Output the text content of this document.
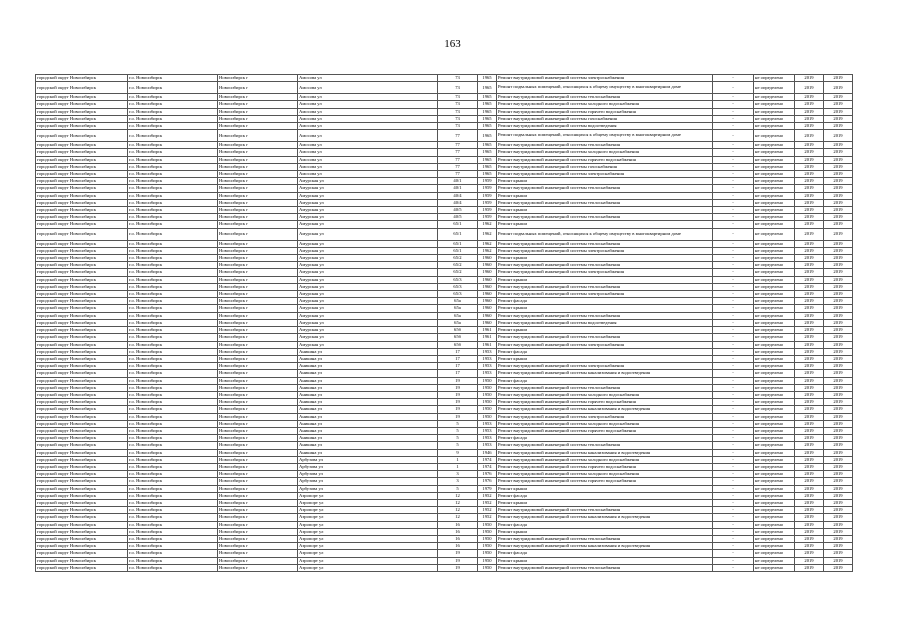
163
городской округ Новосибирск	г.о. Новосибирск	Новосибирск г	Амосова ул	73	1965	Ремонт внутридомовой инженерной системы электроснабжения	-	не определено	2019	2019
городской округ Новосибирск	г.о. Новосибирск	Новосибирск г	Амосова ул	73	1965	Ремонт подвальных помещений, относящихся к общему имуществу в многоквартирном доме	-	не определено	2019	2019
городской округ Новосибирск	г.о. Новосибирск	Новосибирск г	Амосова ул	73	1965	Ремонт внутридомовой инженерной системы теплоснабжения	-	не определено	2019	2019
городской округ Новосибирск	г.о. Новосибирск	Новосибирск г	Амосова ул	73	1965	Ремонт внутридомовой инженерной системы холодного водоснабжения	-	не определено	2019	2019
городской округ Новосибирск	г.о. Новосибирск	Новосибирск г	Амосова ул	73	1965	Ремонт внутридомовой инженерной системы горячего водоснабжения	-	не определено	2019	2019
городской округ Новосибирск	г.о. Новосибирск	Новосибирск г	Амосова ул	73	1965	Ремонт внутридомовой инженерной системы газоснабжения	-	не определено	2019	2019
городской округ Новосибирск	г.о. Новосибирск	Новосибирск г	Амосова ул	73	1965	Ремонт внутридомовой инженерной системы водоотведения	-	не определено	2019	2019
городской округ Новосибирск	г.о. Новосибирск	Новосибирск г	Амосова ул	77	1965	Ремонт подвальных помещений, относящихся к общему имуществу в многоквартирном доме	-	не определено	2019	2019
городской округ Новосибирск	г.о. Новосибирск	Новосибирск г	Амосова ул	77	1965	Ремонт внутридомовой инженерной системы теплоснабжения	-	не определено	2019	2019
городской округ Новосибирск	г.о. Новосибирск	Новосибирск г	Амосова ул	77	1965	Ремонт внутридомовой инженерной системы холодного водоснабжения	-	не определено	2019	2019
городской округ Новосибирск	г.о. Новосибирск	Новосибирск г	Амосова ул	77	1965	Ремонт внутридомовой инженерной системы горячего водоснабжения	-	не определено	2019	2019
городской округ Новосибирск	г.о. Новосибирск	Новосибирск г	Амосова ул	77	1965	Ремонт внутридомовой инженерной системы газоснабжения	-	не определено	2019	2019
городской округ Новосибирск	г.о. Новосибирск	Новосибирск г	Амосова ул	77	1965	Ремонт внутридомовой инженерной системы электроснабжения	-	не определено	2019	2019
городской округ Новосибирск	г.о. Новосибирск	Новосибирск г	Амурская ул	40/1	1959	Ремонт крыши	-	не определено	2019	2019
городской округ Новосибирск	г.о. Новосибирск	Новосибирск г	Амурская ул	40/1	1959	Ремонт внутридомовой инженерной системы теплоснабжения	-	не определено	2019	2019
городской округ Новосибирск	г.о. Новосибирск	Новосибирск г	Амурская ул	40/4	1959	Ремонт крыши	-	не определено	2019	2019
городской округ Новосибирск	г.о. Новосибирск	Новосибирск г	Амурская ул	40/4	1959	Ремонт внутридомовой инженерной системы теплоснабжения	-	не определено	2019	2019
городской округ Новосибирск	г.о. Новосибирск	Новосибирск г	Амурская ул	40/5	1959	Ремонт крыши	-	не определено	2019	2019
городской округ Новосибирск	г.о. Новосибирск	Новосибирск г	Амурская ул	40/5	1959	Ремонт внутридомовой инженерной системы теплоснабжения	-	не определено	2019	2019
городской округ Новосибирск	г.о. Новосибирск	Новосибирск г	Амурская ул	65/1	1962	Ремонт крыши	-	не определено	2019	2019
городской округ Новосибирск	г.о. Новосибирск	Новосибирск г	Амурская ул	65/1	1962	Ремонт подвальных помещений, относящихся к общему имуществу в многоквартирном доме	-	не определено	2019	2019
городской округ Новосибирск	г.о. Новосибирск	Новосибирск г	Амурская ул	65/1	1962	Ремонт внутридомовой инженерной системы теплоснабжения	-	не определено	2019	2019
городской округ Новосибирск	г.о. Новосибирск	Новосибирск г	Амурская ул	65/1	1962	Ремонт внутридомовой инженерной системы электроснабжения	-	не определено	2019	2019
городской округ Новосибирск	г.о. Новосибирск	Новосибирск г	Амурская ул	65/2	1960	Ремонт крыши	-	не определено	2019	2019
городской округ Новосибирск	г.о. Новосибирск	Новосибирск г	Амурская ул	65/2	1960	Ремонт внутридомовой инженерной системы теплоснабжения	-	не определено	2019	2019
городской округ Новосибирск	г.о. Новосибирск	Новосибирск г	Амурская ул	65/2	1960	Ремонт внутридомовой инженерной системы электроснабжения	-	не определено	2019	2019
городской округ Новосибирск	г.о. Новосибирск	Новосибирск г	Амурская ул	65/3	1960	Ремонт крыши	-	не определено	2019	2019
городской округ Новосибирск	г.о. Новосибирск	Новосибирск г	Амурская ул	65/3	1960	Ремонт внутридомовой инженерной системы теплоснабжения	-	не определено	2019	2019
городской округ Новосибирск	г.о. Новосибирск	Новосибирск г	Амурская ул	65/3	1960	Ремонт внутридомовой инженерной системы электроснабжения	-	не определено	2019	2019
городской округ Новосибирск	г.о. Новосибирск	Новосибирск г	Амурская ул	65а	1960	Ремонт фасада	-	не определено	2019	2019
городской округ Новосибирск	г.о. Новосибирск	Новосибирск г	Амурская ул	65а	1960	Ремонт крыши	-	не определено	2019	2019
городской округ Новосибирск	г.о. Новосибирск	Новосибирск г	Амурская ул	65а	1960	Ремонт внутридомовой инженерной системы теплоснабжения	-	не определено	2019	2019
городской округ Новосибирск	г.о. Новосибирск	Новосибирск г	Амурская ул	65а	1960	Ремонт внутридомовой инженерной системы водоотведения	-	не определено	2019	2019
городской округ Новосибирск	г.о. Новосибирск	Новосибирск г	Амурская ул	65б	1961	Ремонт крыши	-	не определено	2019	2019
городской округ Новосибирск	г.о. Новосибирск	Новосибирск г	Амурская ул	65б	1961	Ремонт внутридомовой инженерной системы теплоснабжения	-	не определено	2019	2019
городской округ Новосибирск	г.о. Новосибирск	Новосибирск г	Амурская ул	65б	1961	Ремонт внутридомовой инженерной системы электроснабжения	-	не определено	2019	2019
городской округ Новосибирск	г.о. Новосибирск	Новосибирск г	Аникина ул	17	1953	Ремонт фасада	-	не определено	2019	2019
городской округ Новосибирск	г.о. Новосибирск	Новосибирск г	Аникина ул	17	1953	Ремонт крыши	-	не определено	2019	2019
городской округ Новосибирск	г.о. Новосибирск	Новосибирск г	Аникина ул	17	1953	Ремонт внутридомовой инженерной системы электроснабжения	-	не определено	2019	2019
городской округ Новосибирск	г.о. Новосибирск	Новосибирск г	Аникина ул	17	1953	Ремонт внутридомовой инженерной системы канализования и водоотведения	-	не определено	2019	2019
городской округ Новосибирск	г.о. Новосибирск	Новосибирск г	Аникина ул	19	1950	Ремонт фасада	-	не определено	2019	2019
городской округ Новосибирск	г.о. Новосибирск	Новосибирск г	Аникина ул	19	1950	Ремонт внутридомовой инженерной системы теплоснабжения	-	не определено	2019	2019
городской округ Новосибирск	г.о. Новосибирск	Новосибирск г	Аникина ул	19	1950	Ремонт внутридомовой инженерной системы холодного водоснабжения	-	не определено	2019	2019
городской округ Новосибирск	г.о. Новосибирск	Новосибирск г	Аникина ул	19	1950	Ремонт внутридомовой инженерной системы горячего водоснабжения	-	не определено	2019	2019
городской округ Новосибирск	г.о. Новосибирск	Новосибирск г	Аникина ул	19	1950	Ремонт внутридомовой инженерной системы канализования и водоотведения	-	не определено	2019	2019
городской округ Новосибирск	г.о. Новосибирск	Новосибирск г	Аникина ул	19	1950	Ремонт внутридомовой инженерной системы электроснабжения	-	не определено	2019	2019
городской округ Новосибирск	г.о. Новосибирск	Новосибирск г	Аникина ул	5	1953	Ремонт внутридомовой инженерной системы холодного водоснабжения	-	не определено	2019	2019
городской округ Новосибирск	г.о. Новосибирск	Новосибирск г	Аникина ул	5	1953	Ремонт внутридомовой инженерной системы горячего водоснабжения	-	не определено	2019	2019
городской округ Новосибирск	г.о. Новосибирск	Новосибирск г	Аникина ул	5	1953	Ремонт фасада	-	не определено	2019	2019
городской округ Новосибирск	г.о. Новосибирск	Новосибирск г	Аникина ул	5	1953	Ремонт внутридомовой инженерной системы теплоснабжения	-	не определено	2019	2019
городской округ Новосибирск	г.о. Новосибирск	Новосибирск г	Аникина ул	9	1946	Ремонт внутридомовой инженерной системы канализования и водоотведения	-	не определено	2019	2019
городской округ Новосибирск	г.о. Новосибирск	Новосибирск г	Арбузова ул	1	1974	Ремонт внутридомовой инженерной системы холодного водоснабжения	-	не определено	2019	2019
городской округ Новосибирск	г.о. Новосибирск	Новосибирск г	Арбузова ул	1	1974	Ремонт внутридомовой инженерной системы горячего водоснабжения	-	не определено	2019	2019
городской округ Новосибирск	г.о. Новосибирск	Новосибирск г	Арбузова ул	3	1976	Ремонт внутридомовой инженерной системы холодного водоснабжения	-	не определено	2019	2019
городской округ Новосибирск	г.о. Новосибирск	Новосибирск г	Арбузова ул	3	1976	Ремонт внутридомовой инженерной системы горячего водоснабжения	-	не определено	2019	2019
городской округ Новосибирск	г.о. Новосибирск	Новосибирск г	Арбузова ул	5	1979	Ремонт крыши	-	не определено	2019	2019
городской округ Новосибирск	г.о. Новосибирск	Новосибирск г	Аэропорт ул	12	1952	Ремонт фасада	-	не определено	2019	2019
городской округ Новосибирск	г.о. Новосибирск	Новосибирск г	Аэропорт ул	12	1952	Ремонт крыши	-	не определено	2019	2019
городской округ Новосибирск	г.о. Новосибирск	Новосибирск г	Аэропорт ул	12	1952	Ремонт внутридомовой инженерной системы теплоснабжения	-	не определено	2019	2019
городской округ Новосибирск	г.о. Новосибирск	Новосибирск г	Аэропорт ул	12	1952	Ремонт внутридомовой инженерной системы канализования и водоотведения	-	не определено	2019	2019
городской округ Новосибирск	г.о. Новосибирск	Новосибирск г	Аэропорт ул	16	1950	Ремонт фасада	-	не определено	2019	2019
городской округ Новосибирск	г.о. Новосибирск	Новосибирск г	Аэропорт ул	16	1950	Ремонт крыши	-	не определено	2019	2019
городской округ Новосибирск	г.о. Новосибирск	Новосибирск г	Аэропорт ул	16	1950	Ремонт внутридомовой инженерной системы теплоснабжения	-	не определено	2019	2019
городской округ Новосибирск	г.о. Новосибирск	Новосибирск г	Аэропорт ул	16	1950	Ремонт внутридомовой инженерной системы канализования и водоотведения	-	не определено	2019	2019
городской округ Новосибирск	г.о. Новосибирск	Новосибирск г	Аэропорт ул	19	1950	Ремонт фасада	-	не определено	2019	2019
городской округ Новосибирск	г.о. Новосибирск	Новосибирск г	Аэропорт ул	19	1950	Ремонт крыши	-	не определено	2019	2019
городской округ Новосибирск	г.о. Новосибирск	Новосибирск г	Аэропорт ул	19	1950	Ремонт внутридомовой инженерной системы теплоснабжения	-	не определено	2019	2019
